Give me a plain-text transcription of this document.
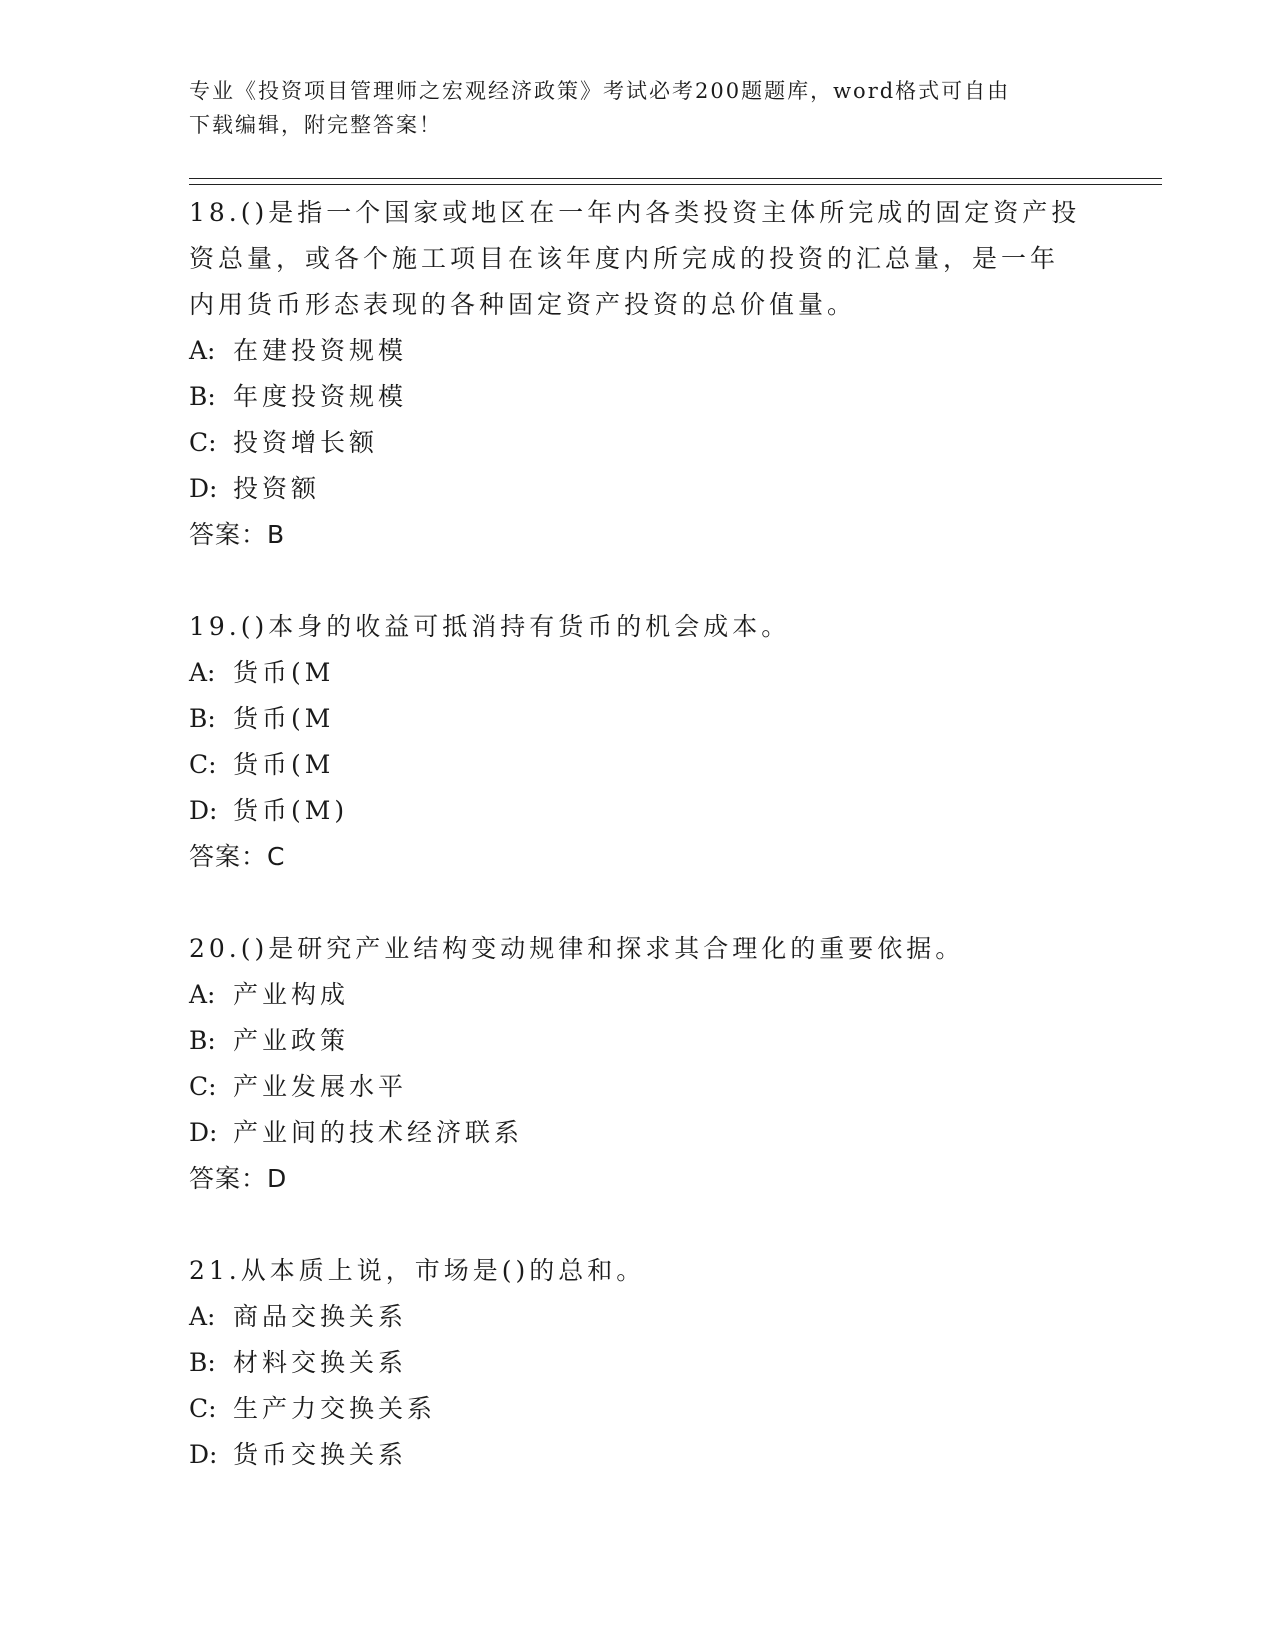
专业《投资项目管理师之宏观经济政策》考试必考200题题库，word格式可自由
下载编辑，附完整答案！
18.()是指一个国家或地区在一年内各类投资主体所完成的固定资产投
资总量，或各个施工项目在该年度内所完成的投资的汇总量，是一年
内用货币形态表现的各种固定资产投资的总价值量。
A: 在建投资规模
B: 年度投资规模
C: 投资增长额
D: 投资额
答案：B
19.()本身的收益可抵消持有货币的机会成本。
A: 货币(M
B: 货币(M
C: 货币(M
D: 货币(M)
答案：C
20.()是研究产业结构变动规律和探求其合理化的重要依据。
A: 产业构成
B: 产业政策
C: 产业发展水平
D: 产业间的技术经济联系
答案：D
21.从本质上说，市场是()的总和。
A: 商品交换关系
B: 材料交换关系
C: 生产力交换关系
D: 货币交换关系
